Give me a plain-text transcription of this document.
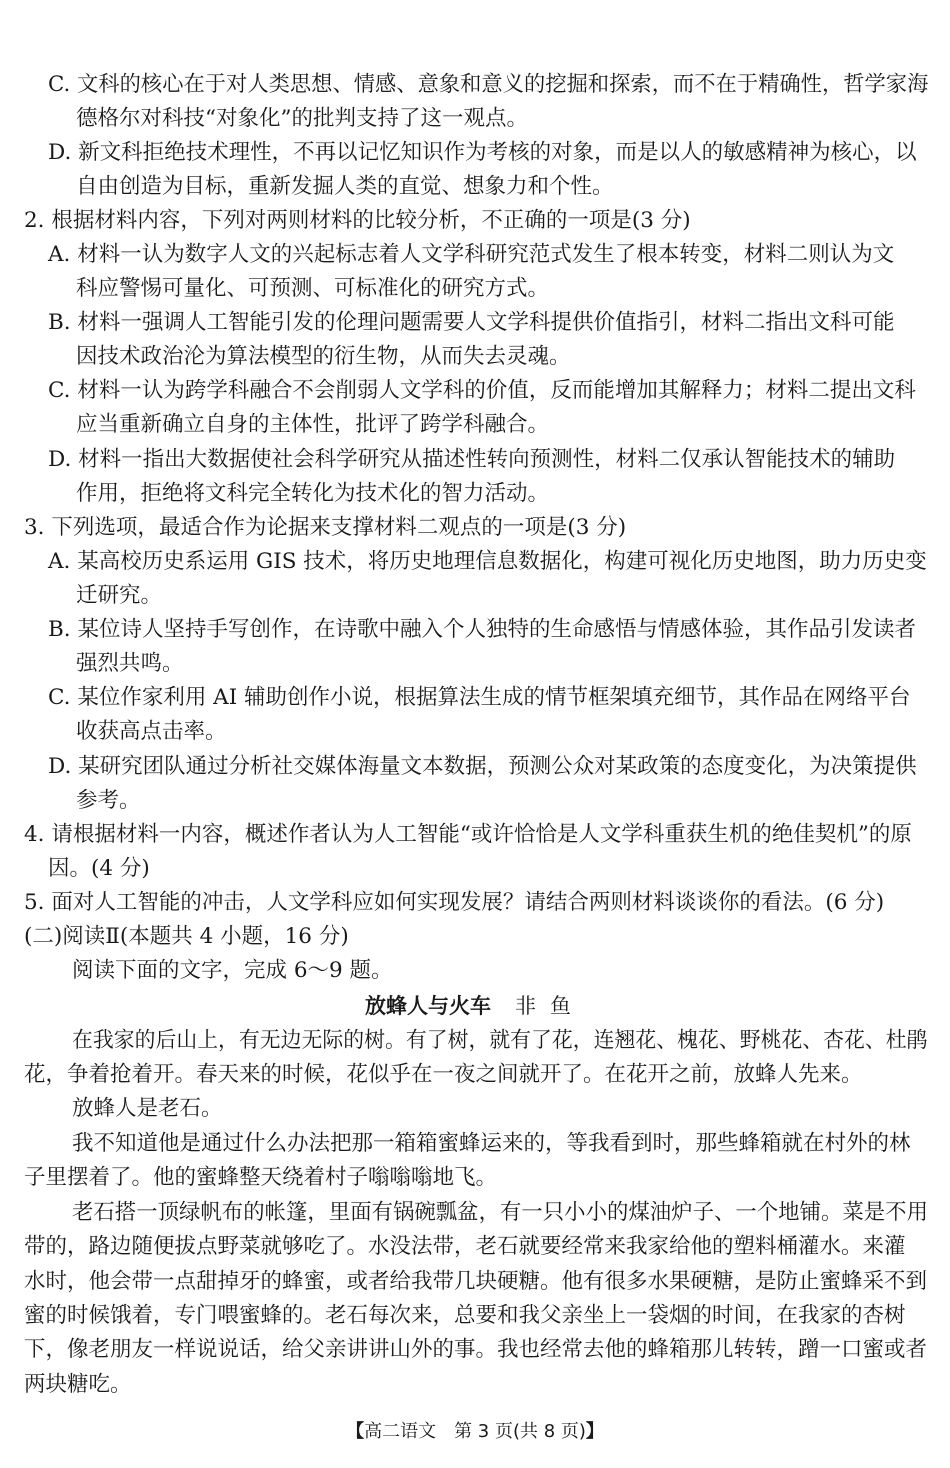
C. 文科的核心在于对人类思想、情感、意象和意义的挖掘和探索，而不在于精确性，哲学家海
德格尔对科技“对象化”的批判支持了这一观点。
D. 新文科拒绝技术理性，不再以记忆知识作为考核的对象，而是以人的敏感精神为核心，以
自由创造为目标，重新发掘人类的直觉、想象力和个性。
2. 根据材料内容，下列对两则材料的比较分析，不正确的一项是(3 分)
A. 材料一认为数字人文的兴起标志着人文学科研究范式发生了根本转变，材料二则认为文
科应警惕可量化、可预测、可标准化的研究方式。
B. 材料一强调人工智能引发的伦理问题需要人文学科提供价值指引，材料二指出文科可能
因技术政治沦为算法模型的衍生物，从而失去灵魂。
C. 材料一认为跨学科融合不会削弱人文学科的价值，反而能增加其解释力；材料二提出文科
应当重新确立自身的主体性，批评了跨学科融合。
D. 材料一指出大数据使社会科学研究从描述性转向预测性，材料二仅承认智能技术的辅助
作用，拒绝将文科完全转化为技术化的智力活动。
3. 下列选项，最适合作为论据来支撑材料二观点的一项是(3 分)
A. 某高校历史系运用 GIS 技术，将历史地理信息数据化，构建可视化历史地图，助力历史变
迁研究。
B. 某位诗人坚持手写创作，在诗歌中融入个人独特的生命感悟与情感体验，其作品引发读者
强烈共鸣。
C. 某位作家利用 AI 辅助创作小说，根据算法生成的情节框架填充细节，其作品在网络平台
收获高点击率。
D. 某研究团队通过分析社交媒体海量文本数据，预测公众对某政策的态度变化，为决策提供
参考。
4. 请根据材料一内容，概述作者认为人工智能“或许恰恰是人文学科重获生机的绝佳契机”的原
因。(4 分)
5. 面对人工智能的冲击，人文学科应如何实现发展？请结合两则材料谈谈你的看法。(6 分)
(二)阅读Ⅱ(本题共 4 小题，16 分)
阅读下面的文字，完成 6～9 题。
放蜂人与火车 非鱼
在我家的后山上，有无边无际的树。有了树，就有了花，连翘花、槐花、野桃花、杏花、杜鹃
花，争着抢着开。春天来的时候，花似乎在一夜之间就开了。在花开之前，放蜂人先来。
放蜂人是老石。
我不知道他是通过什么办法把那一箱箱蜜蜂运来的，等我看到时，那些蜂箱就在村外的林
子里摆着了。他的蜜蜂整天绕着村子嗡嗡嗡地飞。
老石搭一顶绿帆布的帐篷，里面有锅碗瓢盆，有一只小小的煤油炉子、一个地铺。菜是不用
带的，路边随便拔点野菜就够吃了。水没法带，老石就要经常来我家给他的塑料桶灌水。来灌
水时，他会带一点甜掉牙的蜂蜜，或者给我带几块硬糖。他有很多水果硬糖，是防止蜜蜂采不到
蜜的时候饿着，专门喂蜜蜂的。老石每次来，总要和我父亲坐上一袋烟的时间，在我家的杏树
下，像老朋友一样说说话，给父亲讲讲山外的事。我也经常去他的蜂箱那儿转转，蹭一口蜜或者
两块糖吃。
【高二语文　第 3 页(共 8 页)】
